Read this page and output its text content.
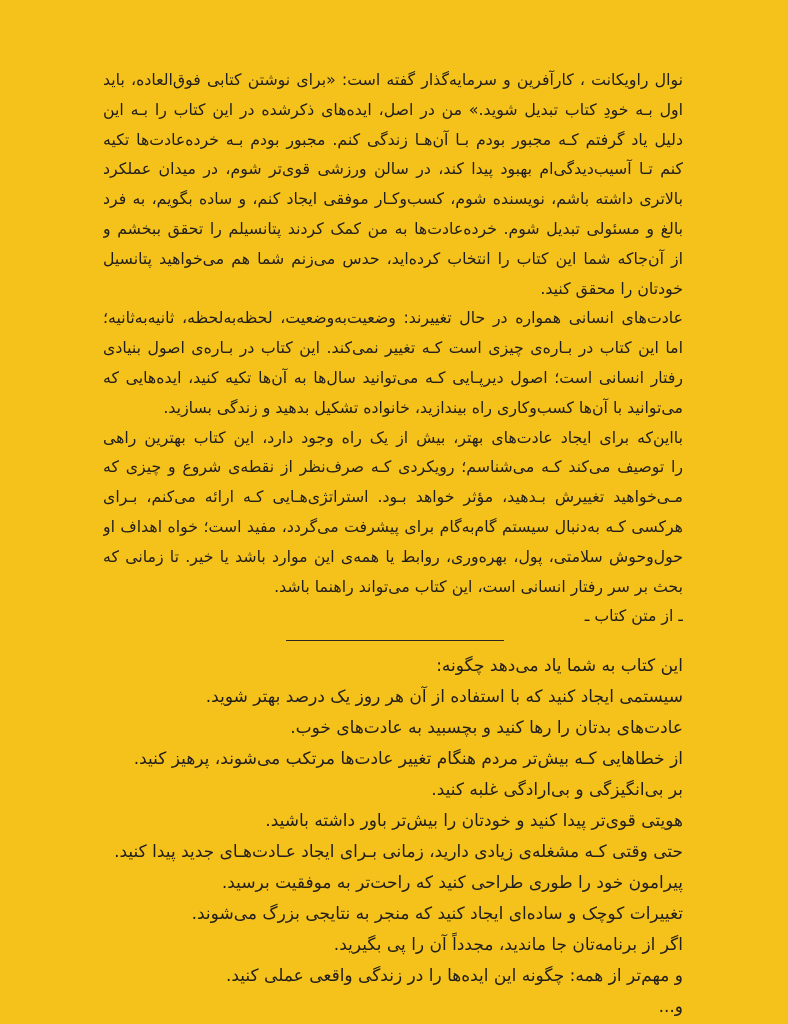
نوال راویکانت ، کارآفرین و سرمایه‌گذار گفته است: «برای نوشتن کتابی فوق‌العاده، باید
اول بـه خودِ کتاب تبدیل شوید.» من در اصل، ایده‌های ذکرشده در این کتاب را بـه این
دلیل یاد گرفتم کـه مجبور بودم بـا آن‌هـا زندگی کنم. مجبور بودم بـه خرده‌عادت‌ها تکیه
کنم تـا آسیب‌دیدگی‌ام بهبود پیدا کند، در سالن ورزشی قوی‌تر شوم، در میدان عملکرد
بالاتری داشته باشم، نویسنده شوم، کسب‌وکـار موفقی ایجاد کنم، و ساده بگویم، به فرد
بالغ و مسئولی تبدیل شوم. خرده‌عادت‌ها به من کمک کردند پتانسیلم را تحقق ببخشم و
از آن‌جاکه شما این کتاب را انتخاب کرده‌اید، حدس می‌زنم شما هم می‌خواهید پتانسیل
خودتان را محقق کنید.
عادت‌های انسانی همواره در حال تغییرند: وضعیت‌به‌وضعیت، لحظه‌به‌لحظه، ثانیه‌به‌ثانیه؛
اما این کتاب در بـاره‌ی چیزی است کـه تغییر نمی‌کند. این کتاب در بـاره‌ی اصول بنیادی
رفتار انسانی است؛ اصول دیرپـایی کـه می‌توانید سال‌ها به آن‌ها تکیه کنید، ایده‌هایی که
می‌توانید با آن‌ها کسب‌وکاری راه بیندازید، خانواده تشکیل بدهید و زندگی بسازید.
بااین‌که برای ایجاد عادت‌های بهتر، بیش از یک راه وجود دارد، این کتاب بهترین راهی
را توصیف می‌کند کـه می‌شناسم؛ رویکردی کـه صرف‌نظر از نقطه‌ی شروع و چیزی که
مـی‌خواهید تغییرش بـدهید، مؤثر خواهد بـود. استراتژی‌هـایی کـه ارائه می‌کنم، بـرای
هرکسی کـه به‌دنبال سیستم گام‌به‌گام برای پیشرفت می‌گردد، مفید است؛ خواه اهداف او
حول‌وحوش سلامتی، پول، بهره‌وری، روابط یا همه‌ی این موارد باشد یا خیر. تا زمانی که
بحث بر سر رفتار انسانی است، این کتاب می‌تواند راهنما باشد.
ـ از متن کتاب ـ
این کتاب به شما یاد می‌دهد چگونه:
سیستمی ایجاد کنید که با استفاده از آن هر روز یک درصد بهتر شوید.
عادت‌های بدتان را رها کنید و بچسبید به عادت‌های خوب.
از خطاهایی کـه بیش‌تر مردم هنگام تغییر عادت‌ها مرتکب می‌شوند، پرهیز کنید.
بر بی‌انگیزگی و بی‌ارادگی غلبه کنید.
هویتی قوی‌تر پیدا کنید و خودتان را بیش‌تر باور داشته باشید.
حتی وقتی کـه مشغله‌ی زیادی دارید، زمانی بـرای ایجاد عـادت‌هـای جدید پیدا کنید.
پیرامون خود را طوری طراحی کنید که راحت‌تر به موفقیت برسید.
تغییرات کوچک و ساده‌ای ایجاد کنید که منجر به نتایجی بزرگ می‌شوند.
اگر از برنامه‌تان جا ماندید، مجدداً آن را پی بگیرید.
و مهم‌تر از همه: چگونه این ایده‌ها را در زندگی واقعی عملی کنید.
و...
